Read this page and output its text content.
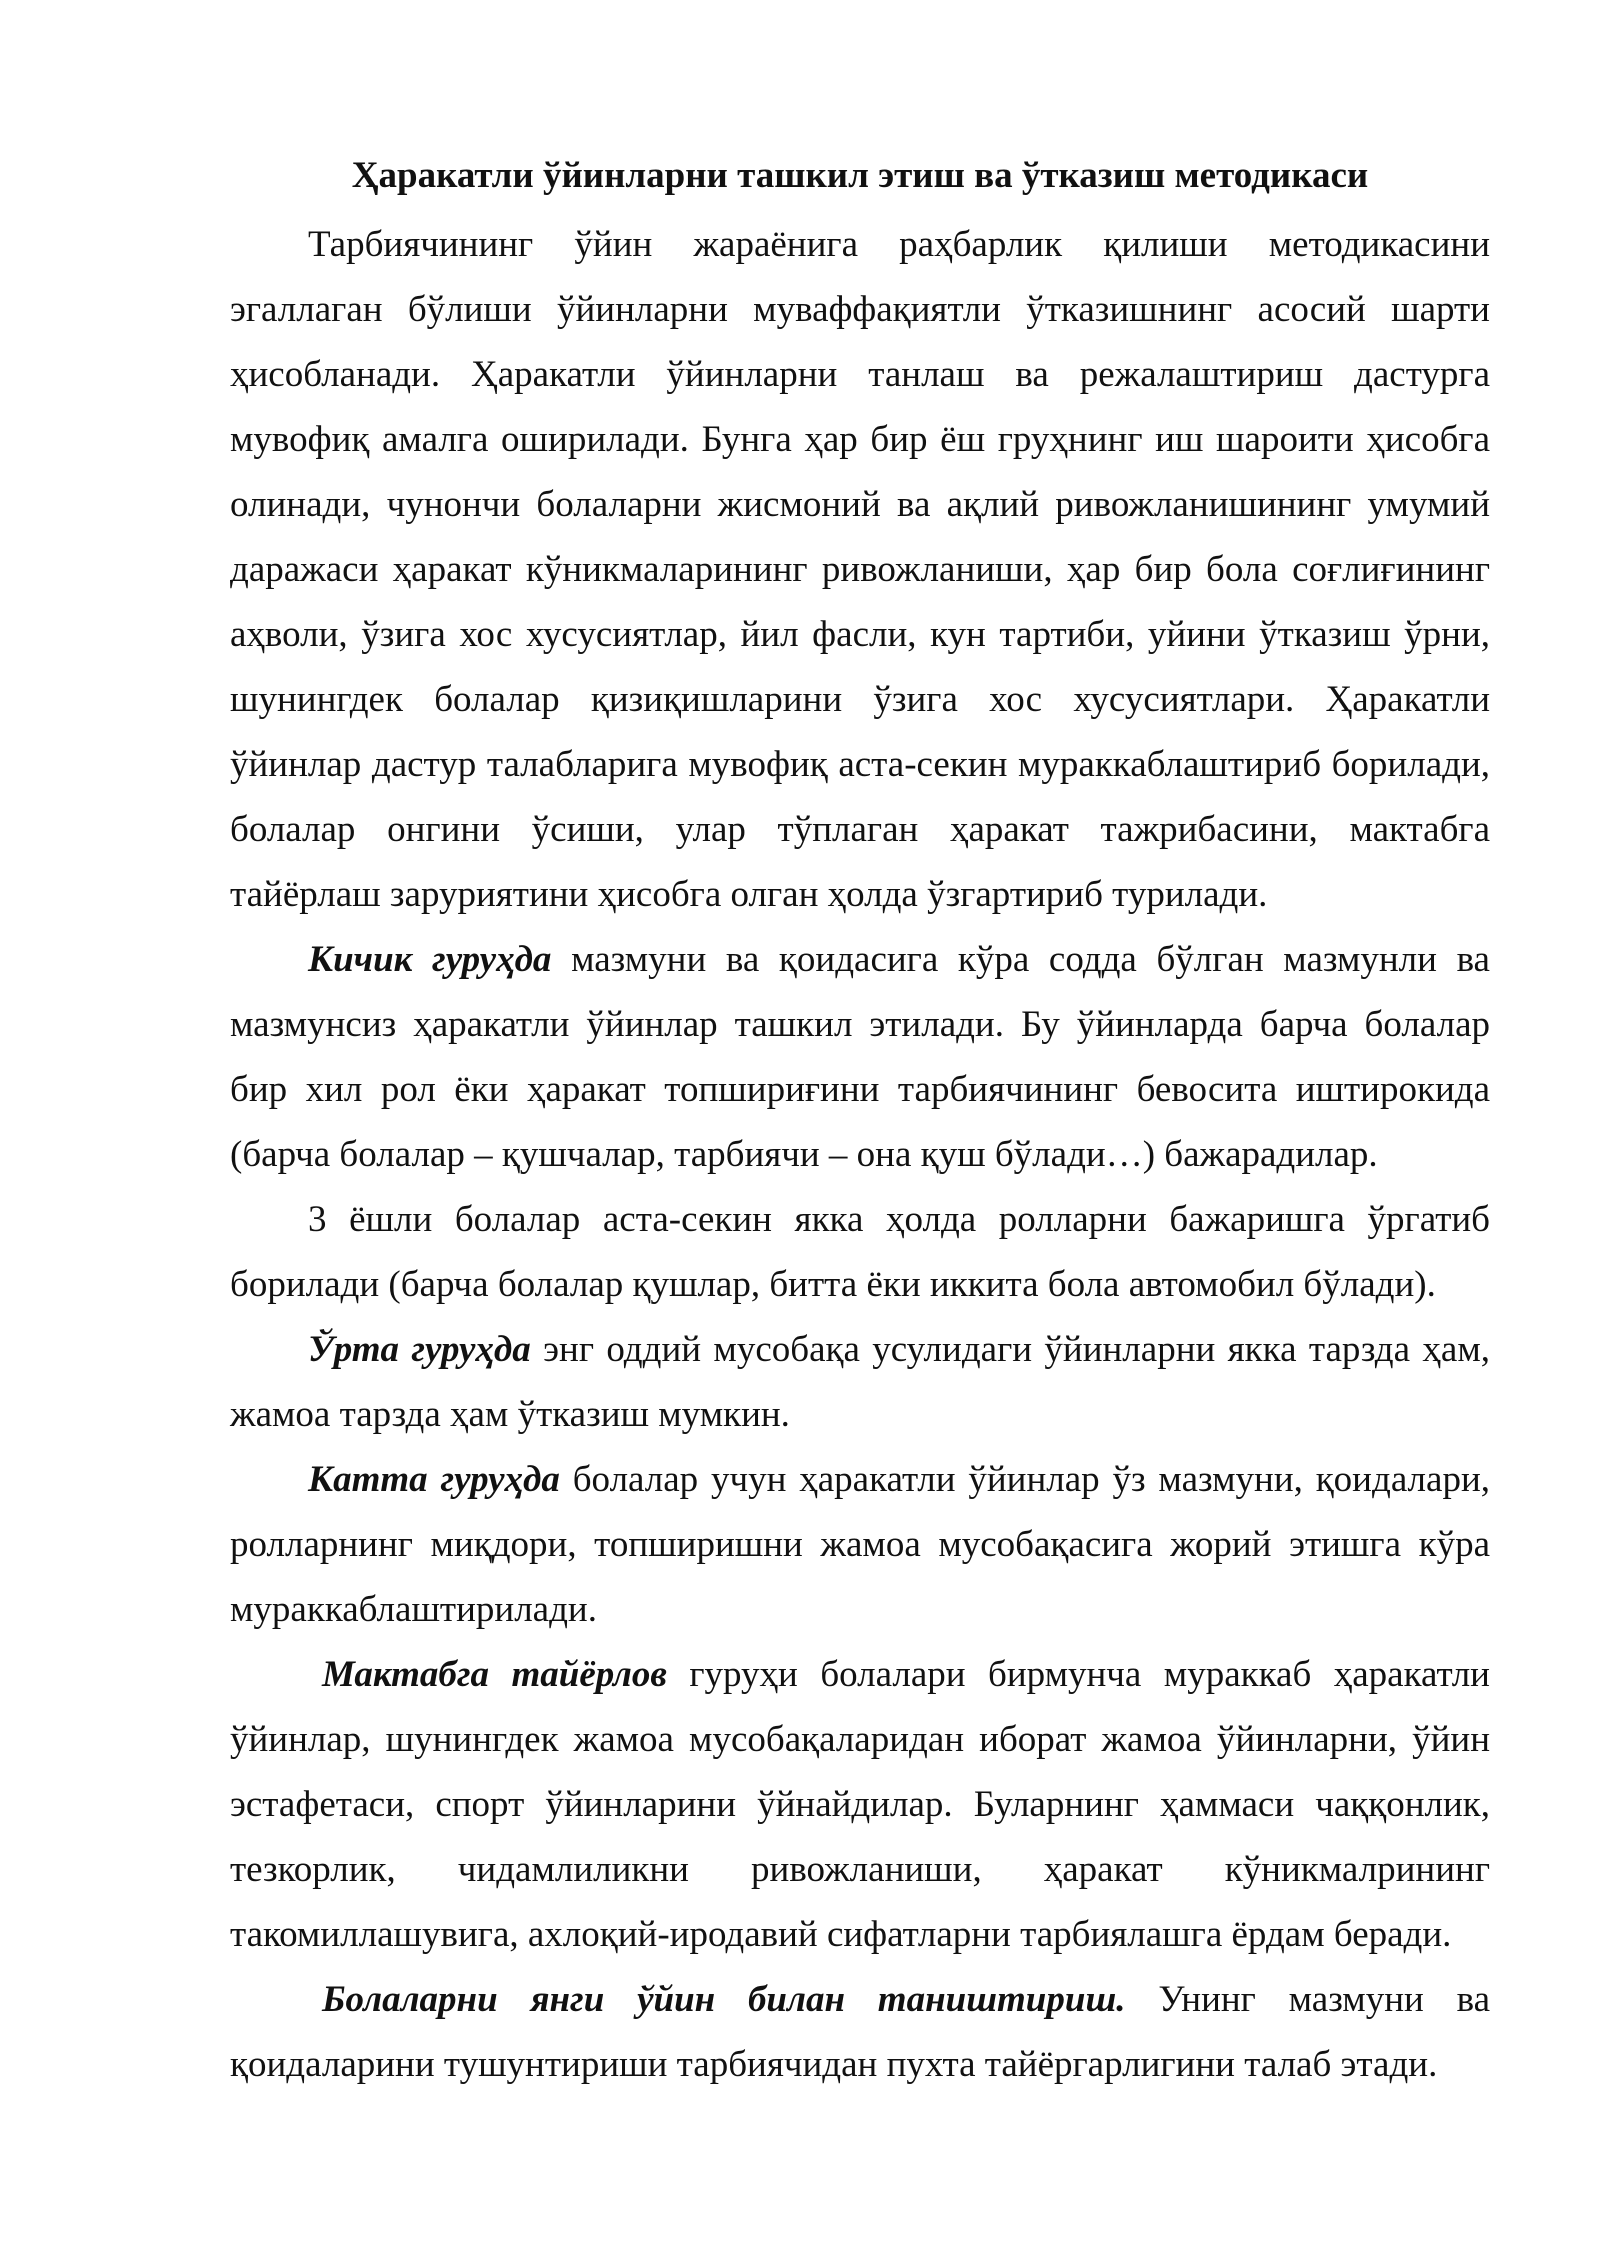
Ҳаракатли ўйинларни ташкил этиш ва ўтказиш методикаси

Тарбиячининг ўйин жараёнига раҳбарлик қилиши методикасини эгаллаган бўлиши ўйинларни муваффақиятли ўтказишнинг асосий шарти ҳисобланади. Ҳаракатли ўйинларни танлаш ва режалаштириш дастурга мувофиқ амалга оширилади. Бунга ҳар бир ёш груҳнинг иш шароити ҳисобга олинади, чунончи болаларни жисмоний ва ақлий ривожланишининг умумий даражаси ҳаракат кўникмаларининг ривожланиши, ҳар бир бола соғлиғининг аҳволи, ўзига хос хусусиятлар, йил фасли, кун тартиби, уйини ўтказиш ўрни, шунингдек болалар қизиқишларини ўзига хос хусусиятлари. Ҳаракатли ўйинлар дастур талабларига мувофиқ аста-секин мураккаблаштириб борилади, болалар онгини ўсиши, улар тўплаган ҳаракат тажрибасини, мактабга тайёрлаш заруриятини ҳисобга олган ҳолда ўзгартириб турилади.

Кичик гуруҳда мазмуни ва қоидасига кўра содда бўлган мазмунли ва мазмунсиз ҳаракатли ўйинлар ташкил этилади. Бу ўйинларда барча болалар бир хил рол ёки ҳаракат топшириғини тарбиячининг бевосита иштирокида (барча болалар – қушчалар, тарбиячи – она қуш бўлади…) бажарадилар.

3 ёшли болалар аста-секин якка ҳолда ролларни бажаришга ўргатиб борилади (барча болалар қушлар, битта ёки иккита бола автомобил бўлади).

Ўрта гуруҳда энг оддий мусобақа усулидаги ўйинларни якка тарзда ҳам, жамоа тарзда ҳам ўтказиш мумкин.

Катта гуруҳда болалар учун ҳаракатли ўйинлар ўз мазмуни, қоидалари, ролларнинг миқдори, топширишни жамоа мусобақасига жорий этишга кўра мураккаблаштирилади.

Мактабга тайёрлов гуруҳи болалари бирмунча мураккаб ҳаракатли ўйинлар, шунингдек жамоа мусобақаларидан иборат жамоа ўйинларни, ўйин эстафетаси, спорт ўйинларини ўйнайдилар. Буларнинг ҳаммаси чаққонлик, тезкорлик, чидамлиликни ривожланиши, ҳаракат кўникмалрининг такомиллашувига, ахлоқий-иродавий сифатларни тарбиялашга ёрдам беради.

Болаларни янги ўйин билан таништириш. Унинг мазмуни ва қоидаларини тушунтириши тарбиячидан пухта тайёргарлигини талаб этади.
